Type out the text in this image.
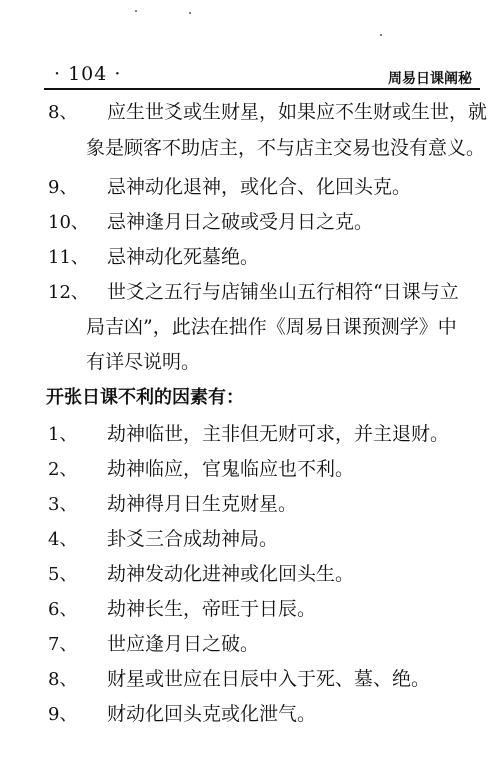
· 104 ·	周易日课阐秘
8、 应生世爻或生财星，如果应不生财或生世，就
象是顾客不助店主，不与店主交易也没有意义。
9、 忌神动化退神，或化合、化回头克。
10、 忌神逢月日之破或受月日之克。
11、 忌神动化死墓绝。
12、 世爻之五行与店铺坐山五行相符“日课与立
局吉凶”，此法在拙作《周易日课预测学》中
有详尽说明。
开张日课不利的因素有：
1、 劫神临世，主非但无财可求，并主退财。
2、 劫神临应，官鬼临应也不利。
3、 劫神得月日生克财星。
4、 卦爻三合成劫神局。
5、 劫神发动化进神或化回头生。
6、 劫神长生，帝旺于日辰。
7、 世应逢月日之破。
8、 财星或世应在日辰中入于死、墓、绝。
9、 财动化回头克或化泄气。
